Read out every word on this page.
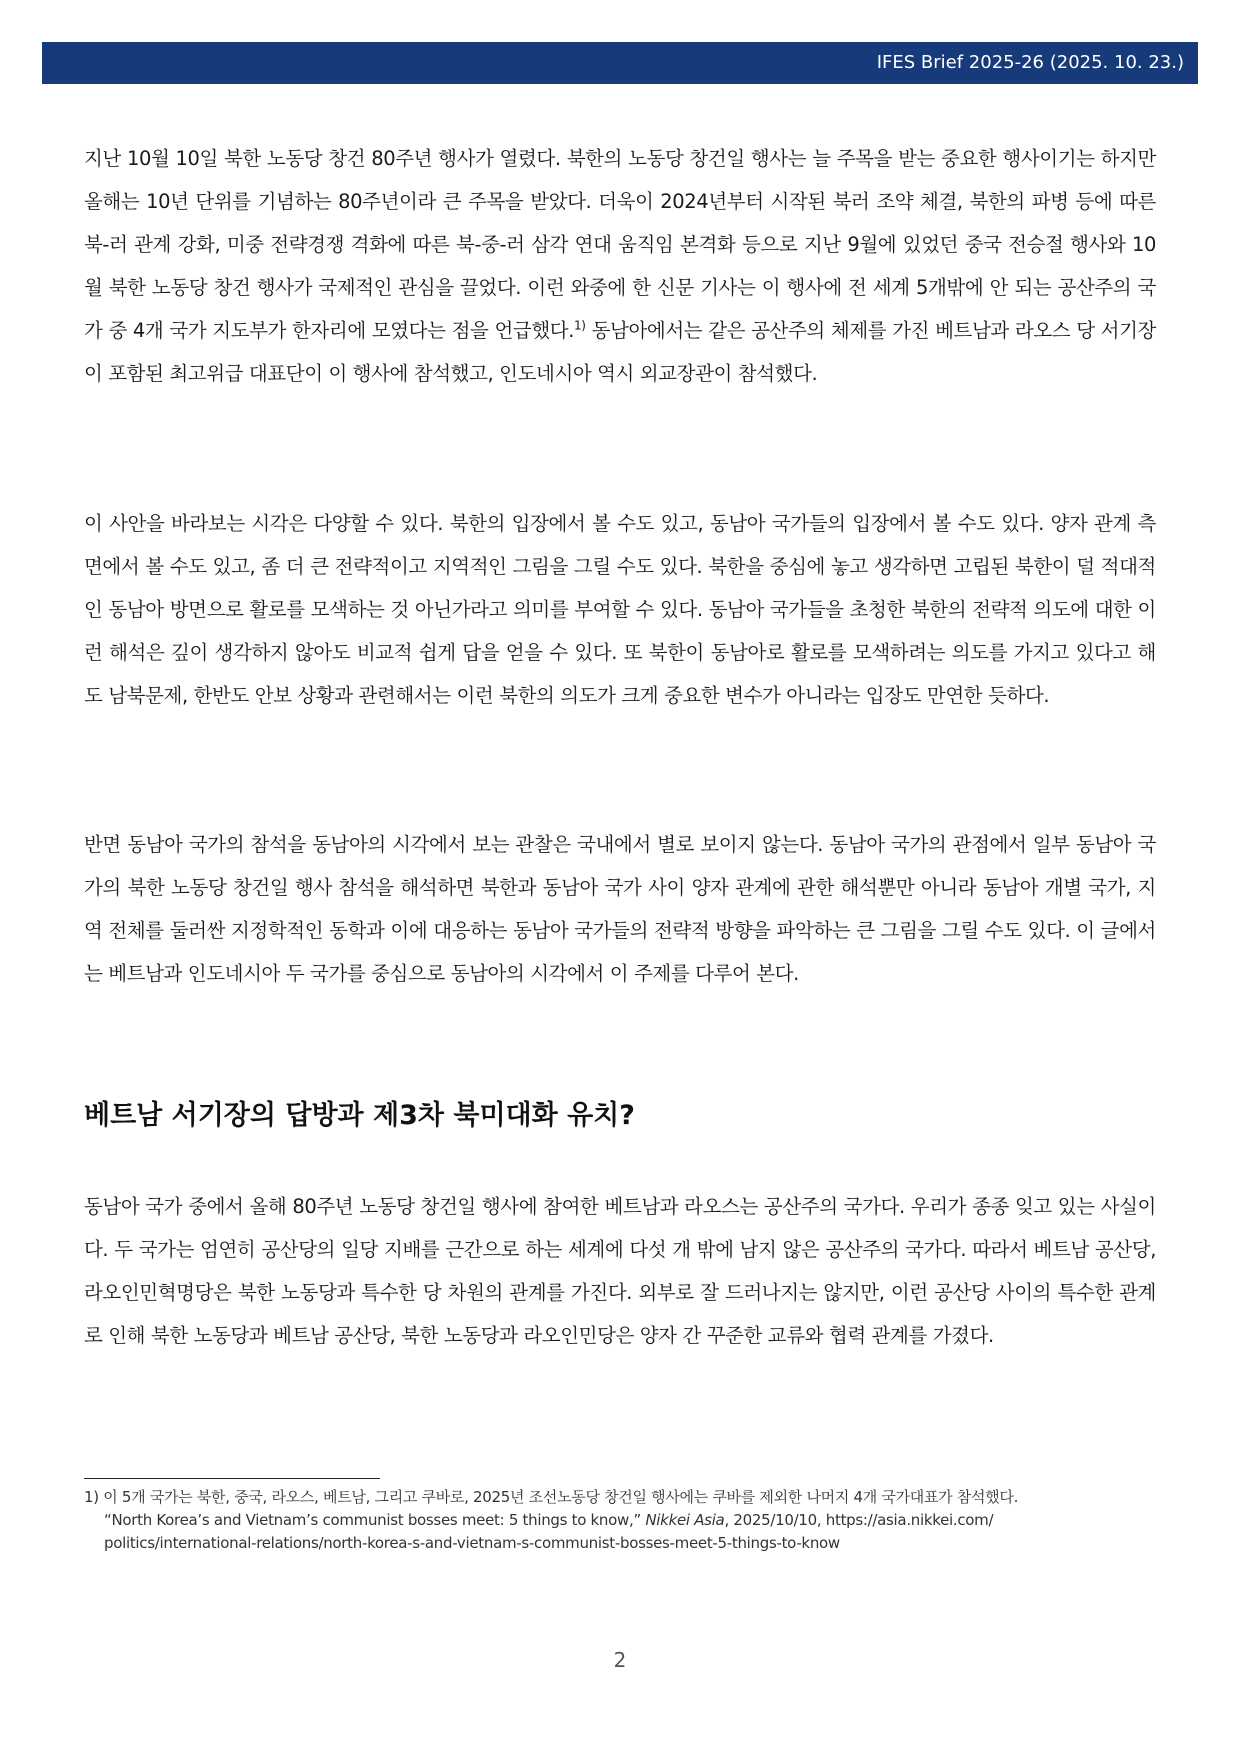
IFES Brief 2025-26 (2025. 10. 23.)

지난 10월 10일 북한 노동당 창건 80주년 행사가 열렸다. 북한의 노동당 창건일 행사는 늘 주목을 받는 중요한 행사이기는 하지만 올해는 10년 단위를 기념하는 80주년이라 큰 주목을 받았다. 더욱이 2024년부터 시작된 북러 조약 체결, 북한의 파병 등에 따른 북-러 관계 강화, 미중 전략경쟁 격화에 따른 북-중-러 삼각 연대 움직임 본격화 등으로 지난 9월에 있었던 중국 전승절 행사와 10월 북한 노동당 창건 행사가 국제적인 관심을 끌었다. 이런 와중에 한 신문 기사는 이 행사에 전 세계 5개밖에 안 되는 공산주의 국가 중 4개 국가 지도부가 한자리에 모였다는 점을 언급했다.$^{1)}$ 동남아에서는 같은 공산주의 체제를 가진 베트남과 라오스 당 서기장이 포함된 최고위급 대표단이 이 행사에 참석했고, 인도네시아 역시 외교장관이 참석했다.

이 사안을 바라보는 시각은 다양할 수 있다. 북한의 입장에서 볼 수도 있고, 동남아 국가들의 입장에서 볼 수도 있다. 양자 관계 측면에서 볼 수도 있고, 좀 더 큰 전략적이고 지역적인 그림을 그릴 수도 있다. 북한을 중심에 놓고 생각하면 고립된 북한이 덜 적대적인 동남아 방면으로 활로를 모색하는 것 아닌가라고 의미를 부여할 수 있다. 동남아 국가들을 초청한 북한의 전략적 의도에 대한 이런 해석은 깊이 생각하지 않아도 비교적 쉽게 답을 얻을 수 있다. 또 북한이 동남아로 활로를 모색하려는 의도를 가지고 있다고 해도 남북문제, 한반도 안보 상황과 관련해서는 이런 북한의 의도가 크게 중요한 변수가 아니라는 입장도 만연한 듯하다.

반면 동남아 국가의 참석을 동남아의 시각에서 보는 관찰은 국내에서 별로 보이지 않는다. 동남아 국가의 관점에서 일부 동남아 국가의 북한 노동당 창건일 행사 참석을 해석하면 북한과 동남아 국가 사이 양자 관계에 관한 해석뿐만 아니라 동남아 개별 국가, 지역 전체를 둘러싼 지정학적인 동학과 이에 대응하는 동남아 국가들의 전략적 방향을 파악하는 큰 그림을 그릴 수도 있다. 이 글에서는 베트남과 인도네시아 두 국가를 중심으로 동남아의 시각에서 이 주제를 다루어 본다.

베트남 서기장의 답방과 제3차 북미대화 유치?

동남아 국가 중에서 올해 80주년 노동당 창건일 행사에 참여한 베트남과 라오스는 공산주의 국가다. 우리가 종종 잊고 있는 사실이다. 두 국가는 엄연히 공산당의 일당 지배를 근간으로 하는 세계에 다섯 개 밖에 남지 않은 공산주의 국가다. 따라서 베트남 공산당, 라오인민혁명당은 북한 노동당과 특수한 당 차원의 관계를 가진다. 외부로 잘 드러나지는 않지만, 이런 공산당 사이의 특수한 관계로 인해 북한 노동당과 베트남 공산당, 북한 노동당과 라오인민당은 양자 간 꾸준한 교류와 협력 관계를 가졌다.

1) 이 5개 국가는 북한, 중국, 라오스, 베트남, 그리고 쿠바로, 2025년 조선노동당 창건일 행사에는 쿠바를 제외한 나머지 4개 국가대표가 참석했다.
“North Korea’s and Vietnam’s communist bosses meet: 5 things to know,” Nikkei Asia, 2025/10/10, https://asia.nikkei.com/
politics/international-relations/north-korea-s-and-vietnam-s-communist-bosses-meet-5-things-to-know
2
